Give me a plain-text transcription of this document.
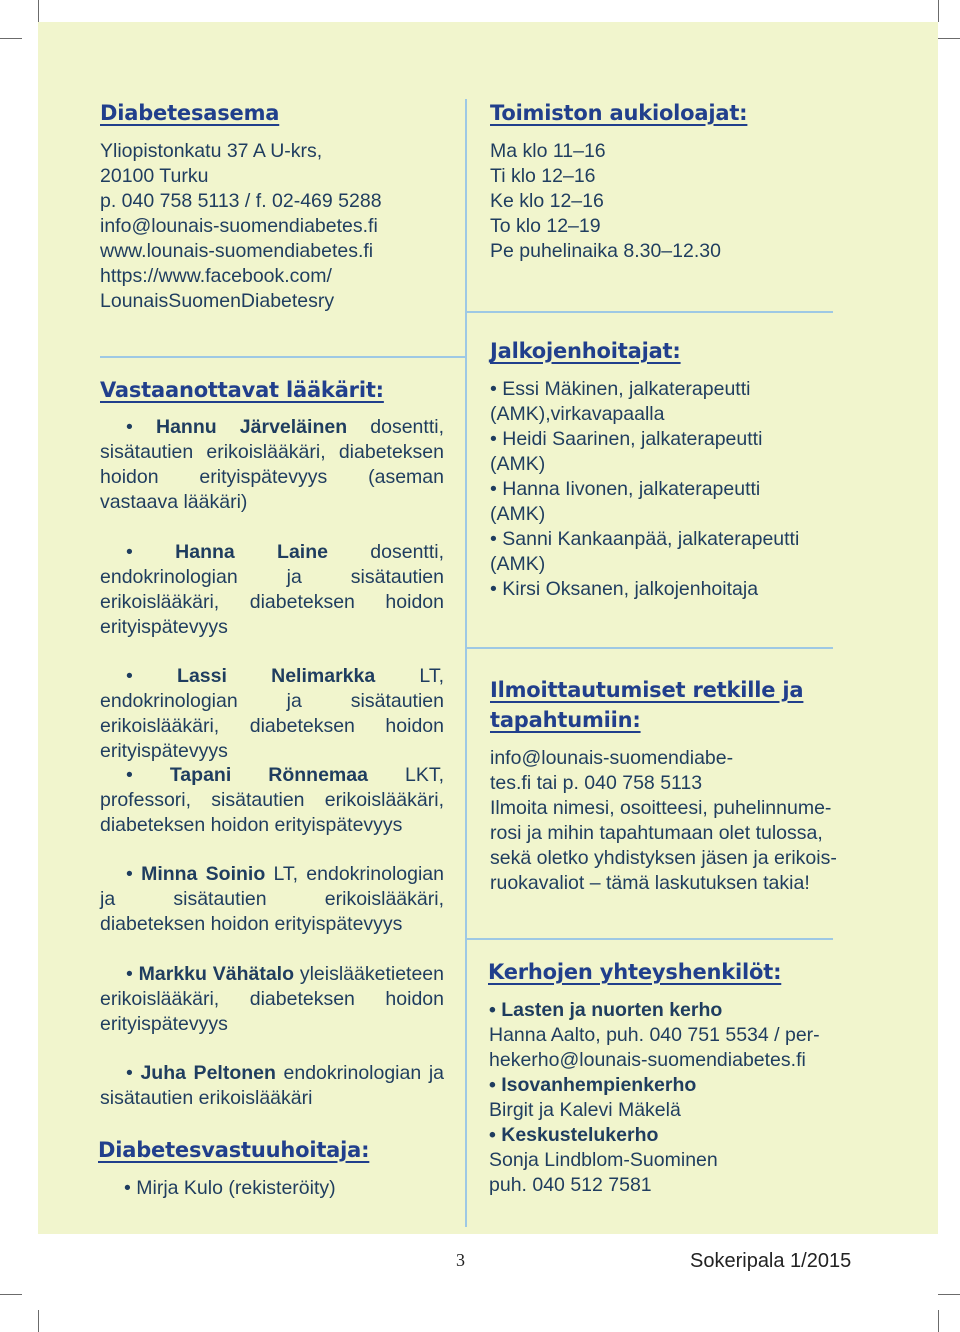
Diabetesasema
Yliopistonkatu 37 A U-krs,
20100 Turku
p. 040 758 5113 / f. 02-469 5288
info@lounais-suomendiabetes.fi
www.lounais-suomendiabetes.fi
https://www.facebook.com/
LounaisSuomenDiabetesry
Vastaanottavat lääkärit:
• Hannu Järveläinen dosentti, sisätautien erikoislääkäri, diabeteksen hoidon erityispätevyys (aseman vastaava lääkäri)
• Hanna Laine dosentti, endokrinologian ja sisätautien erikoislääkäri, diabeteksen hoidon erityispätevyys
• Lassi Nelimarkka LT, endokrinologian ja sisätautien erikoislääkäri, diabeteksen hoidon erityispätevyys
• Tapani Rönnemaa LKT, professori, sisätautien erikoislääkäri, diabeteksen hoidon erityispätevyys
• Minna Soinio LT, endokrinologian ja sisätautien erikoislääkäri, diabeteksen hoidon erityispätevyys
• Markku Vähätalo yleislääketieteen erikoislääkäri, diabeteksen hoidon erityispätevyys
• Juha Peltonen endokrinologian ja sisätautien erikoislääkäri
Diabetesvastuuhoitaja:
• Mirja Kulo (rekisteröity)
Toimiston aukioloajat:
Ma klo 11–16
Ti klo 12–16
Ke klo 12–16
To klo 12–19
Pe puhelinaika 8.30–12.30
Jalkojenhoitajat:
• Essi Mäkinen, jalkaterapeutti (AMK),virkavapaalla
• Heidi Saarinen, jalkaterapeutti (AMK)
• Hanna Iivonen, jalkaterapeutti (AMK)
• Sanni Kankaanpää, jalkaterapeutti (AMK)
• Kirsi Oksanen, jalkojenhoitaja
Ilmoittautumiset retkille ja
tapahtumiin:
info@lounais-suomendiabe-
tes.fi tai p. 040 758 5113
Ilmoita nimesi, osoitteesi, puhelinnume-
rosi ja mihin tapahtumaan olet tulossa,
sekä oletko yhdistyksen jäsen ja erikois-
ruokavaliot – tämä laskutuksen takia!
Kerhojen yhteyshenkilöt:
• Lasten ja nuorten kerho
Hanna Aalto, puh. 040 751 5534 / per-
hekerho@lounais-suomendiabetes.fi
• Isovanhempienkerho
Birgit ja Kalevi Mäkelä
• Keskustelukerho
Sonja Lindblom-Suominen
puh. 040 512 7581
3	Sokeripala 1/2015
